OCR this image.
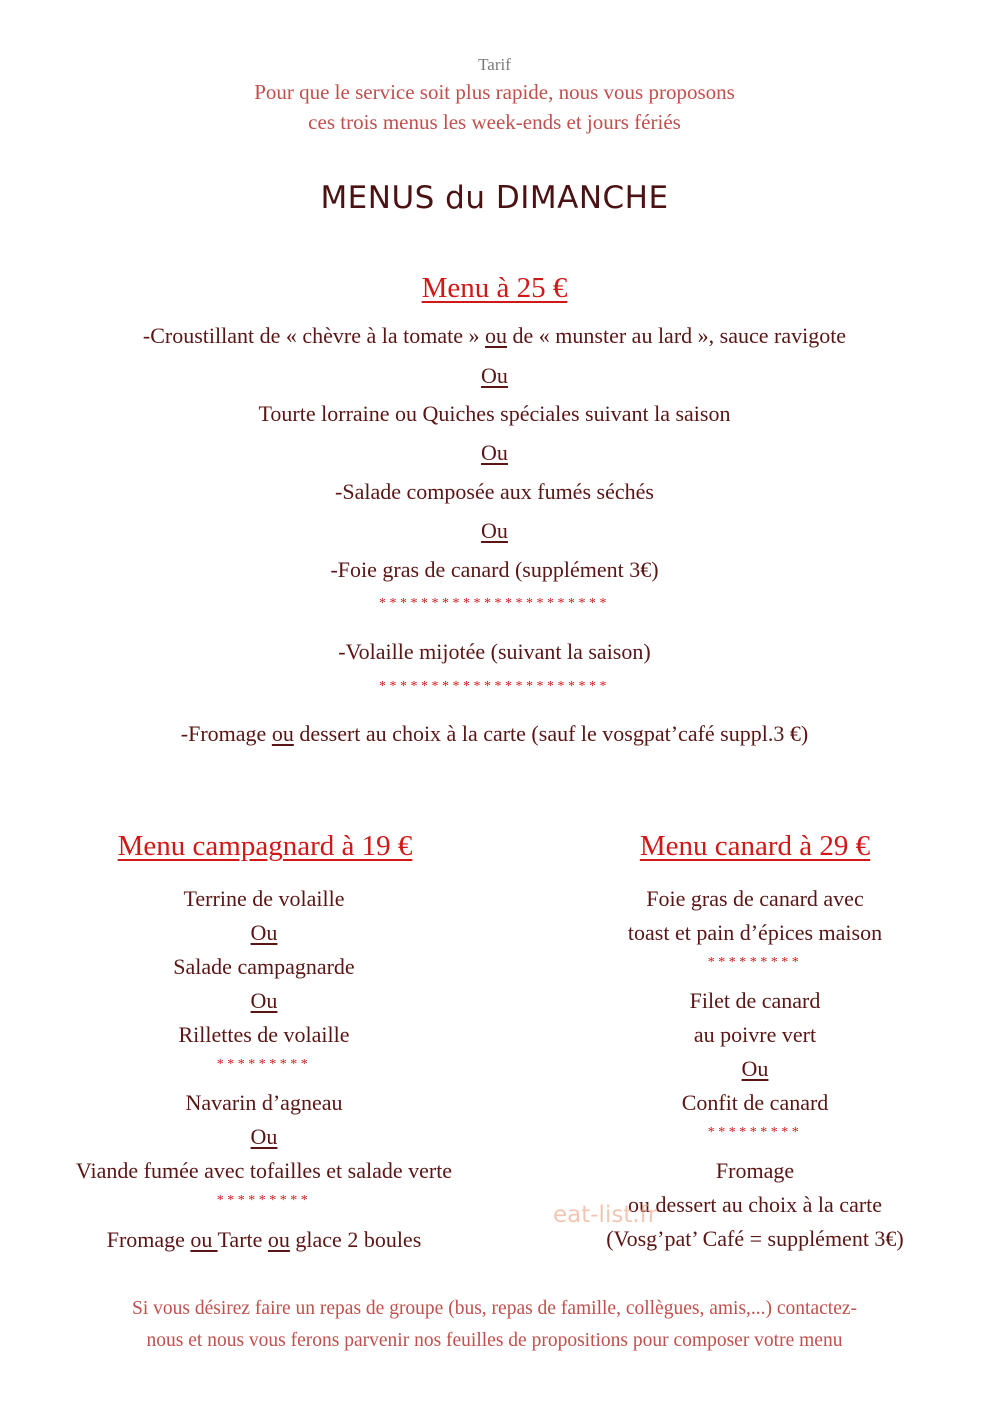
Tarif
Pour que le service soit plus rapide, nous vous proposons
ces trois menus les week-ends et jours fériés
MENUS du DIMANCHE
Menu à 25 €
-Croustillant de « chèvre à la tomate » ou de « munster au lard », sauce ravigote
Ou
Tourte lorraine ou Quiches spéciales suivant la saison
Ou
-Salade composée aux fumés séchés
Ou
-Foie gras de canard (supplément 3€)
**********************
-Volaille mijotée (suivant la saison)
**********************
-Fromage ou dessert au choix à la carte (sauf le vosgpat’café suppl.3 €)
Menu campagnard à 19 €
Terrine de volaille
Ou
Salade campagnarde
Ou
Rillettes de volaille
*********
Navarin d’agneau
Ou
Viande fumée avec tofailles et salade verte
*********
Fromage ou Tarte ou glace 2 boules
Menu canard à 29 €
Foie gras de canard avec
toast et pain d’épices maison
*********
Filet de canard
au poivre vert
Ou
Confit de canard
*********
Fromage
ou dessert au choix à la carte
(Vosg’pat’ Café = supplément 3€)
eat-list.fr
Si vous désirez faire un repas de groupe (bus, repas de famille, collègues, amis,...) contactez-
nous et nous vous ferons parvenir nos feuilles de propositions pour composer votre menu
